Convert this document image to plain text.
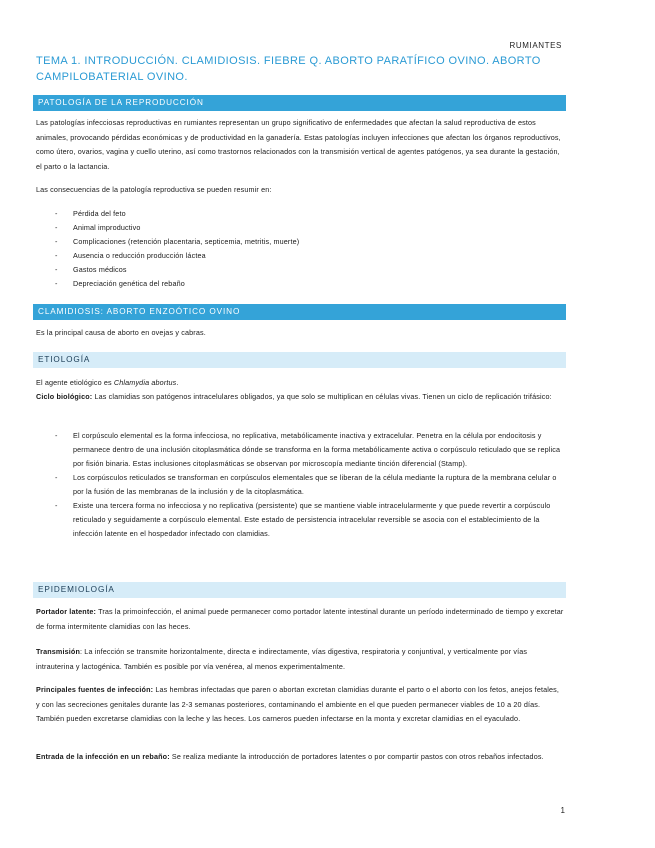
RUMIANTES
TEMA 1. INTRODUCCIÓN. CLAMIDIOSIS. FIEBRE Q. ABORTO PARATÍFICO OVINO. ABORTO CAMPILOBATERIAL OVINO.
PATOLOGÍA DE LA REPRODUCCIÓN
Las patologías infecciosas reproductivas en rumiantes representan un grupo significativo de enfermedades que afectan la salud reproductiva de estos animales, provocando pérdidas económicas y de productividad en la ganadería. Estas patologías incluyen infecciones que afectan los órganos reproductivos, como útero, ovarios, vagina y cuello uterino, así como trastornos relacionados con la transmisión vertical de agentes patógenos, ya sea durante la gestación, el parto o la lactancia.
Las consecuencias de la patología reproductiva se pueden resumir en:
- Pérdida del feto
- Animal improductivo
- Complicaciones (retención placentaria, septicemia, metritis, muerte)
- Ausencia o reducción producción láctea
- Gastos médicos
- Depreciación genética del rebaño
CLAMIDIOSIS: ABORTO ENZOÓTICO OVINO
Es la principal causa de aborto en ovejas y cabras.
ETIOLOGÍA
El agente etiológico es Chlamydia abortus.
Ciclo biológico: Las clamidias son patógenos intracelulares obligados, ya que solo se multiplican en células vivas. Tienen un ciclo de replicación trifásico:
- El corpúsculo elemental es la forma infecciosa, no replicativa, metabólicamente inactiva y extracelular. Penetra en la célula por endocitosis y permanece dentro de una inclusión citoplasmática dónde se transforma en la forma metabólicamente activa o corpúsculo reticulado que se replica por fisión binaria. Estas inclusiones citoplasmáticas se observan por microscopía mediante tinción diferencial (Stamp).
- Los corpúsculos reticulados se transforman en corpúsculos elementales que se liberan de la célula mediante la ruptura de la membrana celular o por la fusión de las membranas de la inclusión y de la citoplasmática.
- Existe una tercera forma no infecciosa y no replicativa (persistente) que se mantiene viable intracelularmente y que puede revertir a corpúsculo reticulado y seguidamente a corpúsculo elemental. Este estado de persistencia intracelular reversible se asocia con el establecimiento de la infección latente en el hospedador infectado con clamidias.
EPIDEMIOLOGÍA
Portador latente: Tras la primoinfección, el animal puede permanecer como portador latente intestinal durante un período indeterminado de tiempo y excretar de forma intermitente clamidias con las heces.
Transmisión: La infección se transmite horizontalmente, directa e indirectamente, vías digestiva, respiratoria y conjuntival, y verticalmente por vías intrauterina y lactogénica. También es posible por vía venérea, al menos experimentalmente.
Principales fuentes de infección: Las hembras infectadas que paren o abortan excretan clamidias durante el parto o el aborto con los fetos, anejos fetales, y con las secreciones genitales durante las 2-3 semanas posteriores, contaminando el ambiente en el que pueden permanecer viables de 10 a 20 días. También pueden excretarse clamidias con la leche y las heces. Los carneros pueden infectarse en la monta y excretar clamidias en el eyaculado.
Entrada de la infección en un rebaño: Se realiza mediante la introducción de portadores latentes o por compartir pastos con otros rebaños infectados.
1
